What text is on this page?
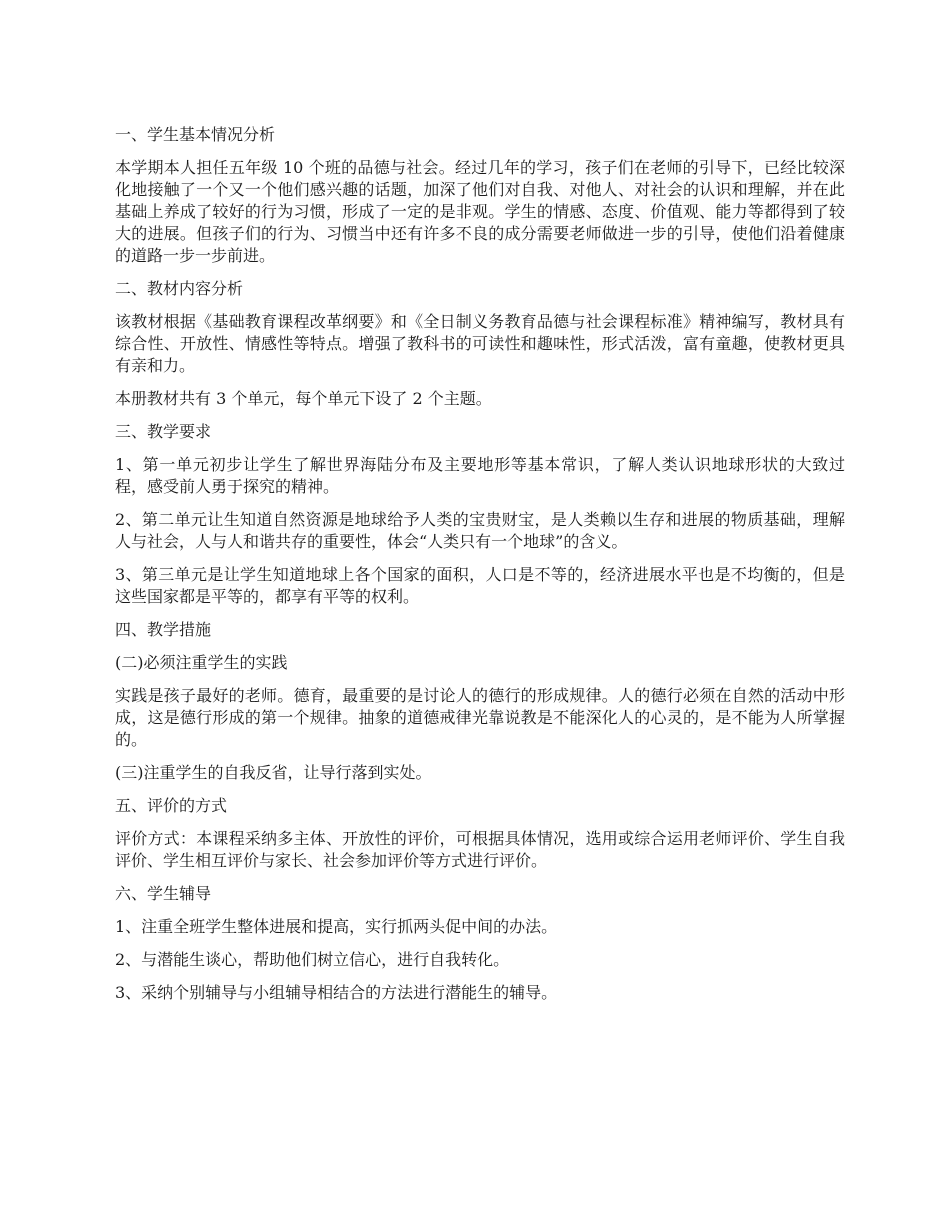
一、学生基本情况分析

本学期本人担任五年级 10 个班的品德与社会。经过几年的学习，孩子们在老师的引导下，已经比较深化地接触了一个又一个他们感兴趣的话题，加深了他们对自我、对他人、对社会的认识和理解，并在此基础上养成了较好的行为习惯，形成了一定的是非观。学生的情感、态度、价值观、能力等都得到了较大的进展。但孩子们的行为、习惯当中还有许多不良的成分需要老师做进一步的引导，使他们沿着健康的道路一步一步前进。

二、教材内容分析

该教材根据《基础教育课程改革纲要》和《全日制义务教育品德与社会课程标准》精神编写，教材具有综合性、开放性、情感性等特点。增强了教科书的可读性和趣味性，形式活泼，富有童趣，使教材更具有亲和力。

本册教材共有 3 个单元，每个单元下设了 2 个主题。

三、教学要求

1、第一单元初步让学生了解世界海陆分布及主要地形等基本常识，了解人类认识地球形状的大致过程，感受前人勇于探究的精神。

2、第二单元让生知道自然资源是地球给予人类的宝贵财宝，是人类赖以生存和进展的物质基础，理解人与社会，人与人和谐共存的重要性，体会“人类只有一个地球”的含义。

3、第三单元是让学生知道地球上各个国家的面积，人口是不等的，经济进展水平也是不均衡的，但是这些国家都是平等的，都享有平等的权利。

四、教学措施

(二)必须注重学生的实践

实践是孩子最好的老师。德育，最重要的是讨论人的德行的形成规律。人的德行必须在自然的活动中形成，这是德行形成的第一个规律。抽象的道德戒律光靠说教是不能深化人的心灵的，是不能为人所掌握的。

(三)注重学生的自我反省，让导行落到实处。

五、评价的方式

评价方式：本课程采纳多主体、开放性的评价，可根据具体情况，选用或综合运用老师评价、学生自我评价、学生相互评价与家长、社会参加评价等方式进行评价。

六、学生辅导

1、注重全班学生整体进展和提高，实行抓两头促中间的办法。

2、与潜能生谈心，帮助他们树立信心，进行自我转化。

3、采纳个别辅导与小组辅导相结合的方法进行潜能生的辅导。
